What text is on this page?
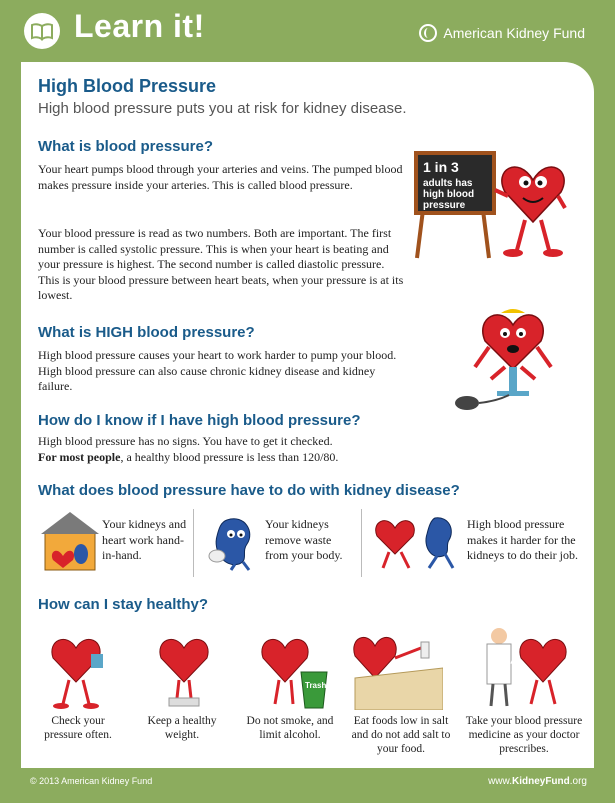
Learn it!	American Kidney Fund
High Blood Pressure
High blood pressure puts you at risk for kidney disease.
What is blood pressure?

Your heart pumps blood through your arteries and veins. The pumped blood makes pressure inside your arteries. This is called blood pressure.

Your blood pressure is read as two numbers. Both are important. The first number is called systolic pressure. This is when your heart is beating and your pressure is highest. The second number is called diastolic pressure. This is your blood pressure between heart beats, when your pressure is at its lowest.

1 in 3
adults has
high blood
pressure
What is HIGH blood pressure?

High blood pressure causes your heart to work harder to pump your blood. High blood pressure can also cause chronic kidney disease and kidney failure.

How do I know if I have high blood pressure?

High blood pressure has no signs. You have to get it checked.

For most people, a healthy blood pressure is less than 120/80.

What does blood pressure have to do with kidney disease?

Your kidneys and heart work hand-in-hand.

Your kidneys remove waste from your body.

High blood pressure makes it harder for the kidneys to do their job.

How can I stay healthy?
Trash

Check your pressure often.

Keep a healthy weight.

Do not smoke, and limit alcohol.

Eat foods low in salt and do not add salt to your food.

Take your blood pressure medicine as your doctor prescribes.

© 2013 American Kidney Fund	www.KidneyFund.org
